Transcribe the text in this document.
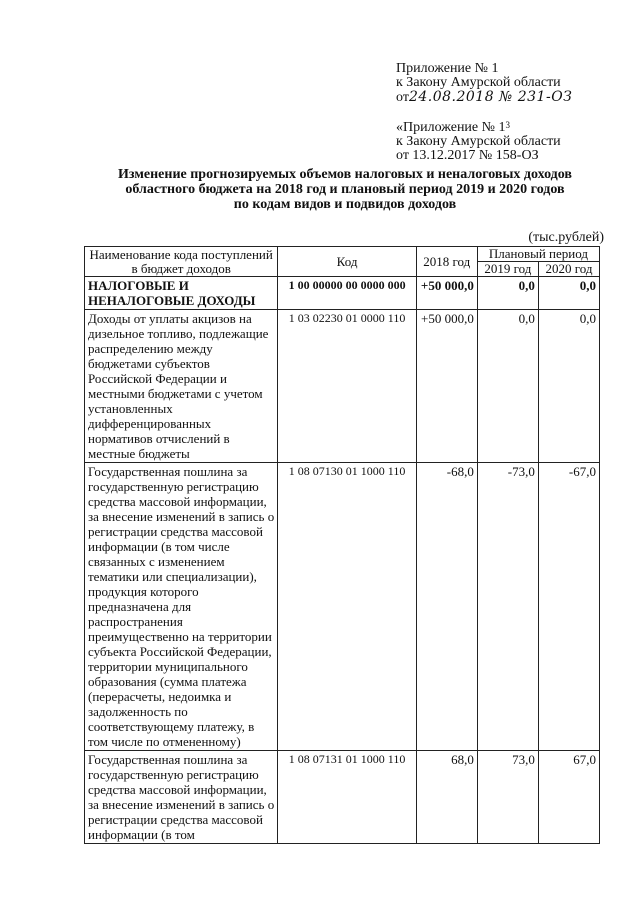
Приложение № 1
к Закону Амурской области
от24.08.2018 № 231-ОЗ
«Приложение № $1^3$
к Закону Амурской области
от 13.12.2017 № 158-ОЗ
Изменение прогнозируемых объемов налоговых и неналоговых доходов
областного бюджета на 2018 год и плановый период 2019 и 2020 годов
по кодам видов и подвидов доходов
(тыс.рублей)
Наименование кода поступлений в бюджет доходов	Код	2018 год	Плановый период	
			2019 год	2020 год
НАЛОГОВЫЕ И НЕНАЛОГОВЫЕ ДОХОДЫ	1 00 00000 00 0000 000	+50 000,0	0,0	0,0
Доходы от уплаты акцизов на дизельное топливо, подлежащие распределению между бюджетами субъектов Российской Федерации и местными бюджетами с учетом установленных дифференцированных нормативов отчислений в местные бюджеты	1 03 02230 01 0000 110	+50 000,0	0,0	0,0
Государственная пошлина за государственную регистрацию средства массовой информации, за внесение изменений в запись о регистрации средства массовой информации (в том числе связанных с изменением тематики или специализации), продукция которого предназначена для распространения преимущественно на территории субъекта Российской Федерации, территории муниципального образования (сумма платежа (перерасчеты, недоимка и задолженность по соответствующему платежу, в том числе по отмененному)	1 08 07130 01 1000 110	-68,0	-73,0	-67,0
Государственная пошлина за государственную регистрацию средства массовой информации, за внесение изменений в запись о регистрации средства массовой информации (в том	1 08 07131 01 1000 110	68,0	73,0	67,0
